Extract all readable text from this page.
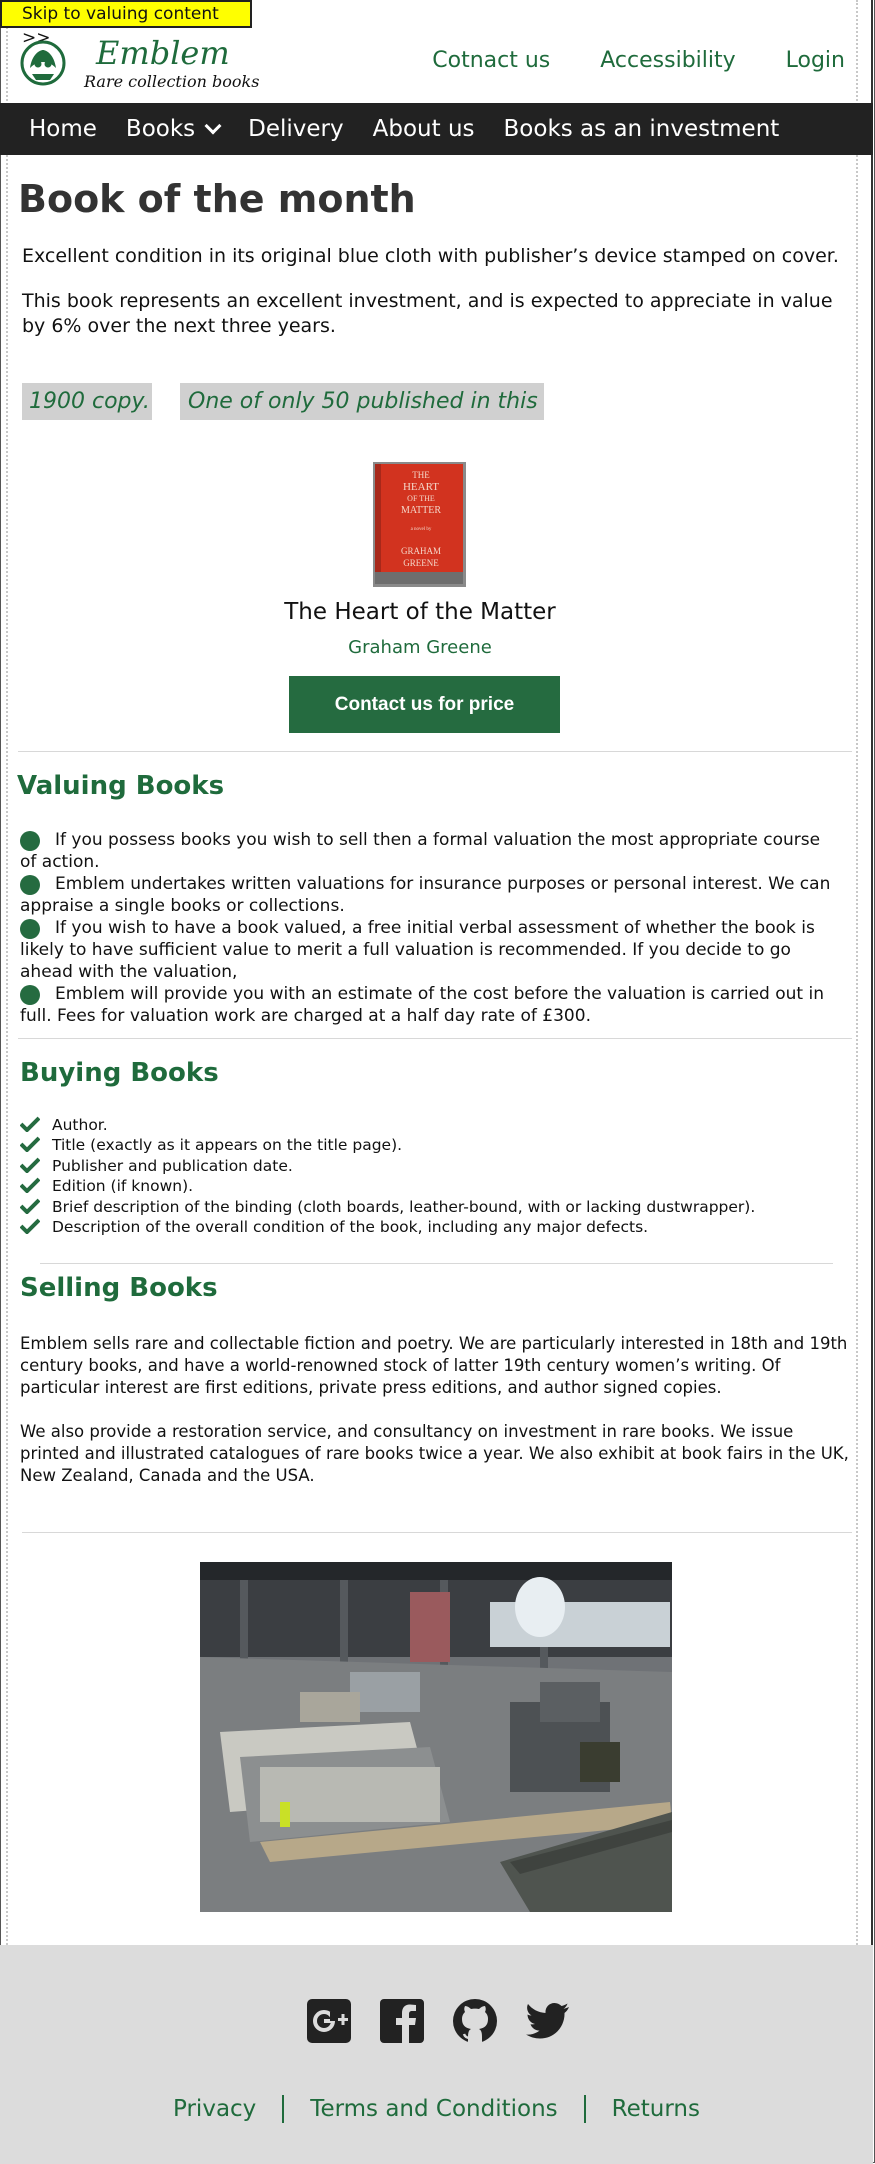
Skip to valuing content >>	Emblem
Rare collection books
Cotnact us Accessibility Login
Home Books Delivery About us Books as an investment
Book of the month

Excellent condition in its original blue cloth with publisher’s device stamped on cover.

This book represents an excellent investment, and is expected to appreciate in value by 6% over the next three years.

1900 copy.	One of only 50 published in this
THE
HEART
OF THE
MATTER
a novel by
GRAHAM
GREENE
The Heart of the Matter
Graham Greene
Contact us for price
Valuing Books
If you possess books you wish to sell then a formal valuation the most appropriate course of action.
Emblem undertakes written valuations for insurance purposes or personal interest. We can appraise a single books or collections.
If you wish to have a book valued, a free initial verbal assessment of whether the book is likely to have sufficient value to merit a full valuation is recommended. If you decide to go ahead with the valuation,
Emblem will provide you with an estimate of the cost before the valuation is carried out in full. Fees for valuation work are charged at a half day rate of £300.
Buying Books
Author.
Title (exactly as it appears on the title page).
Publisher and publication date.
Edition (if known).
Brief description of the binding (cloth boards, leather-bound, with or lacking dustwrapper).
Description of the overall condition of the book, including any major defects.
Selling Books

Emblem sells rare and collectable fiction and poetry. We are particularly interested in 18th and 19th century books, and have a world-renowned stock of latter 19th century women’s writing. Of particular interest are first editions, private press editions, and author signed copies.

We also provide a restoration service, and consultancy on investment in rare books. We issue printed and illustrated catalogues of rare books twice a year. We also exhibit at book fairs in the UK, New Zealand, Canada and the USA.

Privacy Terms and Conditions Returns
